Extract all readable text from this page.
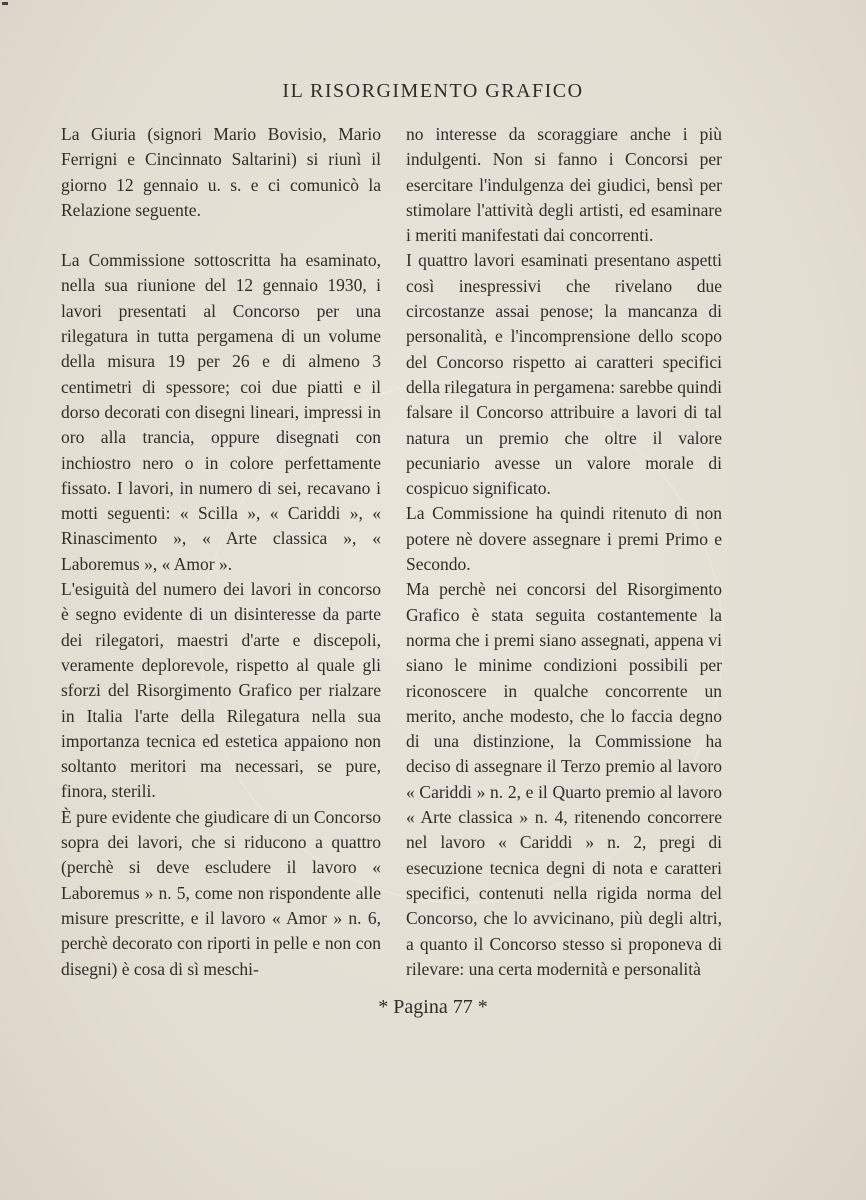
IL RISORGIMENTO GRAFICO

La Giuria (signori Mario Bovisio, Mario Ferrigni e Cincinnato Saltarini) si riunì il giorno 12 gennaio u. s. e ci comunicò la Relazione seguente.

La Commissione sottoscritta ha esaminato, nella sua riunione del 12 gennaio 1930, i lavori presentati al Concorso per una rilegatura in tutta pergamena di un volume della misura 19 per 26 e di almeno 3 centimetri di spessore; coi due piatti e il dorso decorati con disegni lineari, impressi in oro alla trancia, oppure disegnati con inchiostro nero o in colore perfettamente fissato. I lavori, in numero di sei, recavano i motti seguenti: « Scilla », « Cariddi », « Rinascimento », « Arte classica », « Laboremus », « Amor ».

L'esiguità del numero dei lavori in concorso è segno evidente di un disinteresse da parte dei rilegatori, maestri d'arte e discepoli, veramente deplorevole, rispetto al quale gli sforzi del Risorgimento Grafico per rialzare in Italia l'arte della Rilegatura nella sua importanza tecnica ed estetica appaiono non soltanto meritori ma necessari, se pure, finora, sterili.

È pure evidente che giudicare di un Concorso sopra dei lavori, che si riducono a quattro (perchè si deve escludere il lavoro « Laboremus » n. 5, come non rispondente alle misure prescritte, e il lavoro « Amor » n. 6, perchè decorato con riporti in pelle e non con disegni) è cosa di sì meschi-

no interesse da scoraggiare anche i più indulgenti. Non si fanno i Concorsi per esercitare l'indulgenza dei giudici, bensì per stimolare l'attività degli artisti, ed esaminare i meriti manifestati dai concorrenti.

I quattro lavori esaminati presentano aspetti così inespressivi che rivelano due circostanze assai penose; la mancanza di personalità, e l'incomprensione dello scopo del Concorso rispetto ai caratteri specifici della rilegatura in pergamena: sarebbe quindi falsare il Concorso attribuire a lavori di tal natura un premio che oltre il valore pecuniario avesse un valore morale di cospicuo significato.

La Commissione ha quindi ritenuto di non potere nè dovere assegnare i premi Primo e Secondo.

Ma perchè nei concorsi del Risorgimento Grafico è stata seguita costantemente la norma che i premi siano assegnati, appena vi siano le minime condizioni possibili per riconoscere in qualche concorrente un merito, anche modesto, che lo faccia degno di una distinzione, la Commissione ha deciso di assegnare il Terzo premio al lavoro « Cariddi » n. 2, e il Quarto premio al lavoro « Arte classica » n. 4, ritenendo concorrere nel lavoro « Cariddi » n. 2, pregi di esecuzione tecnica degni di nota e caratteri specifici, contenuti nella rigida norma del Concorso, che lo avvicinano, più degli altri, a quanto il Concorso stesso si proponeva di rilevare: una certa modernità e personalità

* Pagina 77 *
